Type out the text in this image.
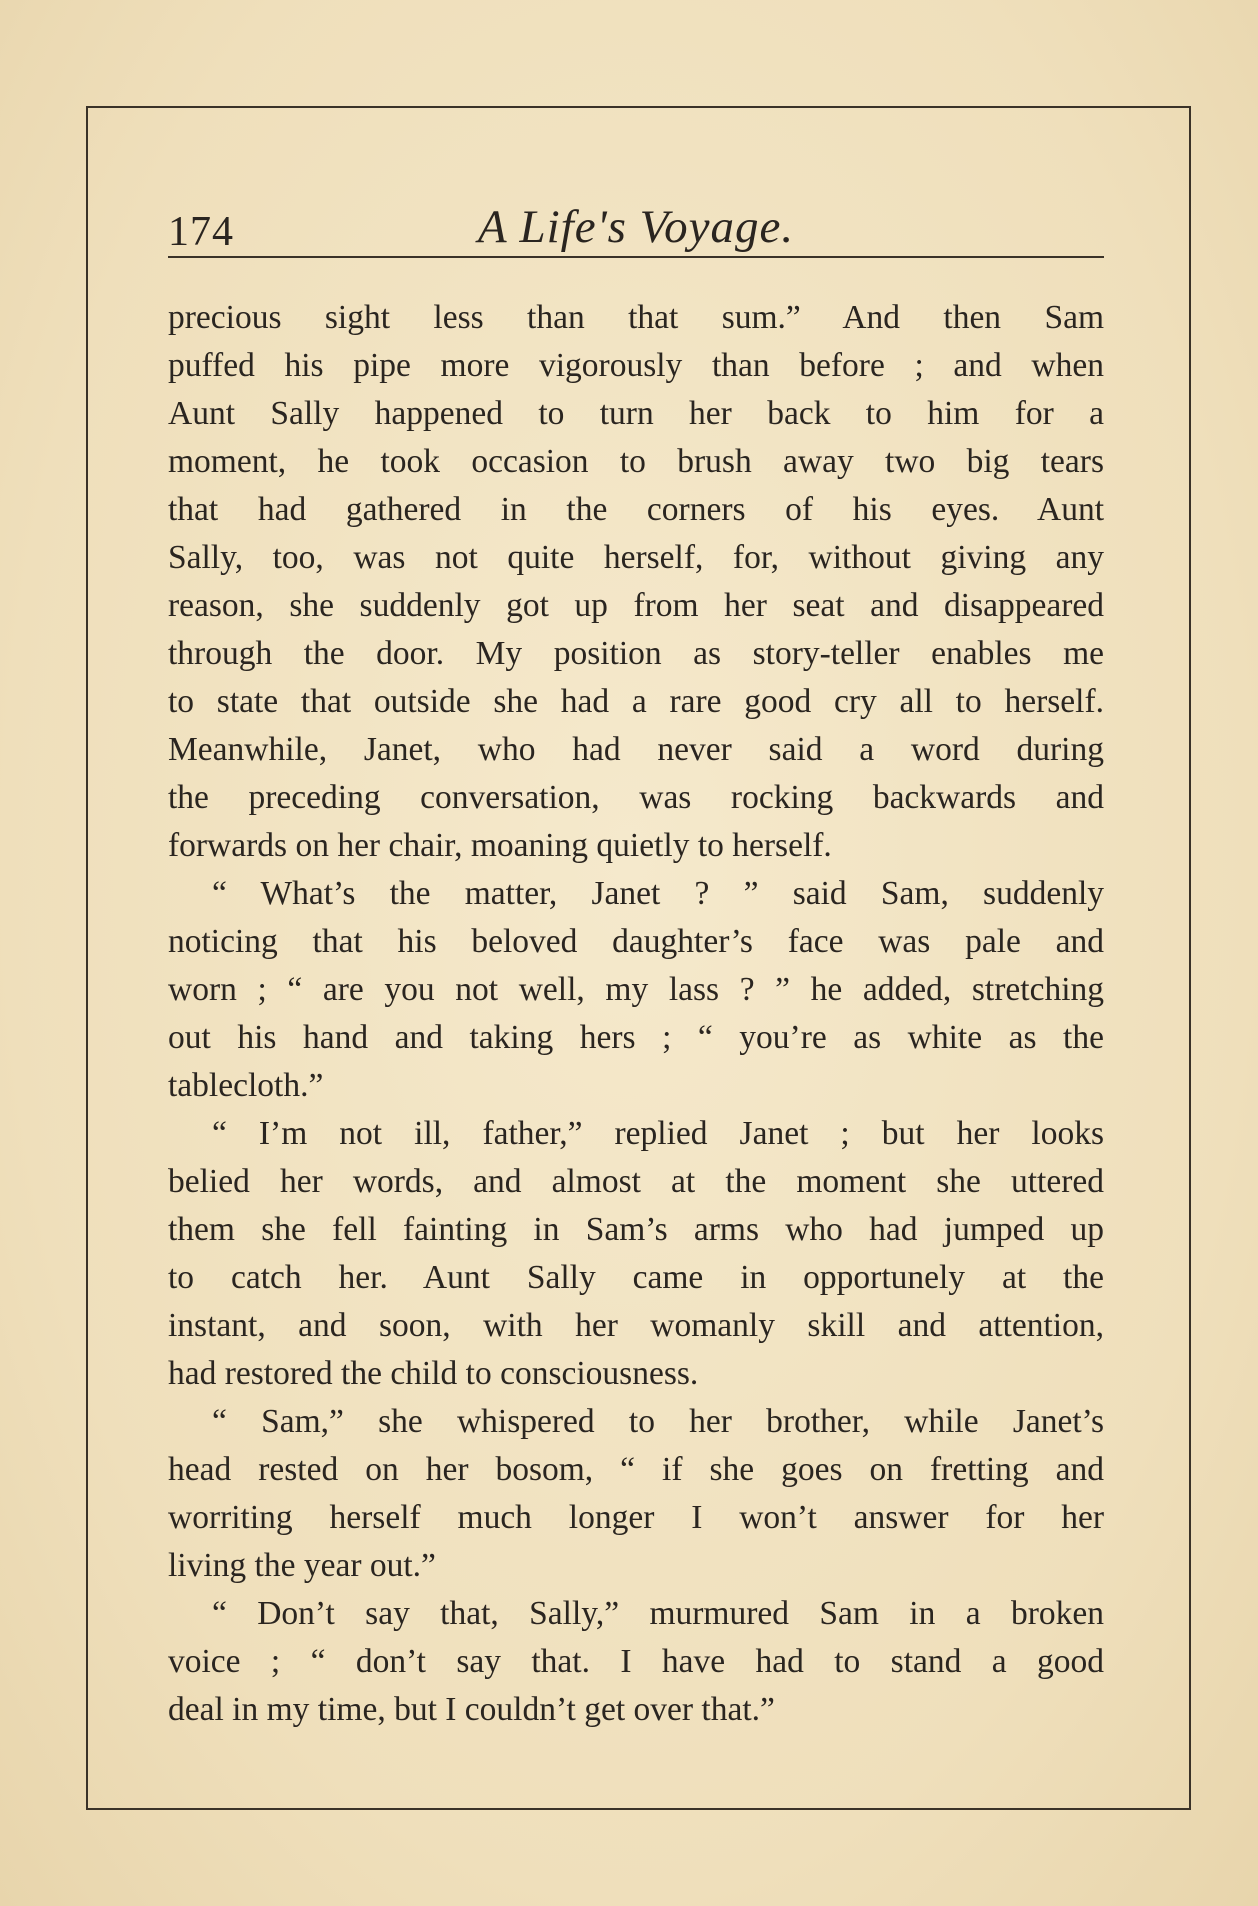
174	A Life's Voyage.
precious sight less than that sum.” And then Sam
puffed his pipe more vigorously than before ; and when
Aunt Sally happened to turn her back to him for a
moment, he took occasion to brush away two big tears
that had gathered in the corners of his eyes. Aunt
Sally, too, was not quite herself, for, without giving any
reason, she suddenly got up from her seat and disappeared
through the door. My position as story-teller enables me
to state that outside she had a rare good cry all to herself.
Meanwhile, Janet, who had never said a word during
the preceding conversation, was rocking backwards and
forwards on her chair, moaning quietly to herself.
“ What’s the matter, Janet ? ” said Sam, suddenly
noticing that his beloved daughter’s face was pale and
worn ; “ are you not well, my lass ? ” he added, stretching
out his hand and taking hers ; “ you’re as white as the
tablecloth.”
“ I’m not ill, father,” replied Janet ; but her looks
belied her words, and almost at the moment she uttered
them she fell fainting in Sam’s arms who had jumped up
to catch her. Aunt Sally came in opportunely at the
instant, and soon, with her womanly skill and attention,
had restored the child to consciousness.
“ Sam,” she whispered to her brother, while Janet’s
head rested on her bosom, “ if she goes on fretting and
worriting herself much longer I won’t answer for her
living the year out.”
“ Don’t say that, Sally,” murmured Sam in a broken
voice ; “ don’t say that. I have had to stand a good
deal in my time, but I couldn’t get over that.”
